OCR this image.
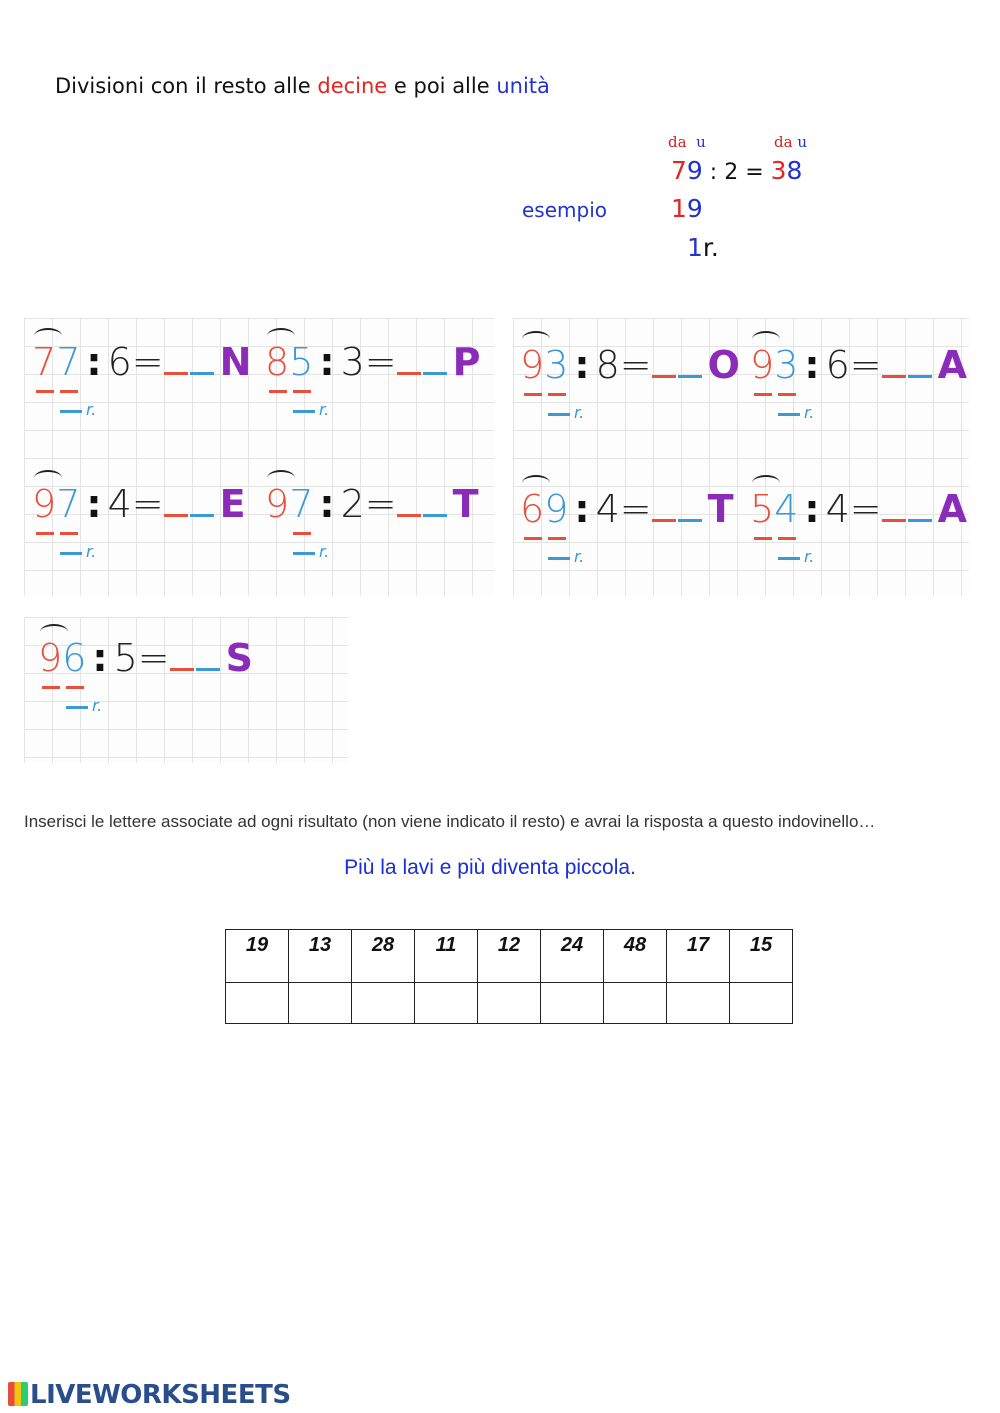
Divisioni con il resto alle decine e poi alle unità
da u	da u
79 : 2 = 38
esempio	19
1r.
77 : 6= N
r.
85 : 3= P
r.
93 : 8= O
r.
93 : 6= A
r.
97 : 4= E
r.
97 : 2= T
r.
69 : 4= T
r.
54 : 4= A
r.
96 : 5= S
r.
Inserisci le lettere associate ad ogni risultato (non viene indicato il resto) e avrai la risposta a questo indovinello…
Più la lavi e più diventa piccola.
19	13	28	11	12	24	48	17	15

LIVEWORKSHEETS
